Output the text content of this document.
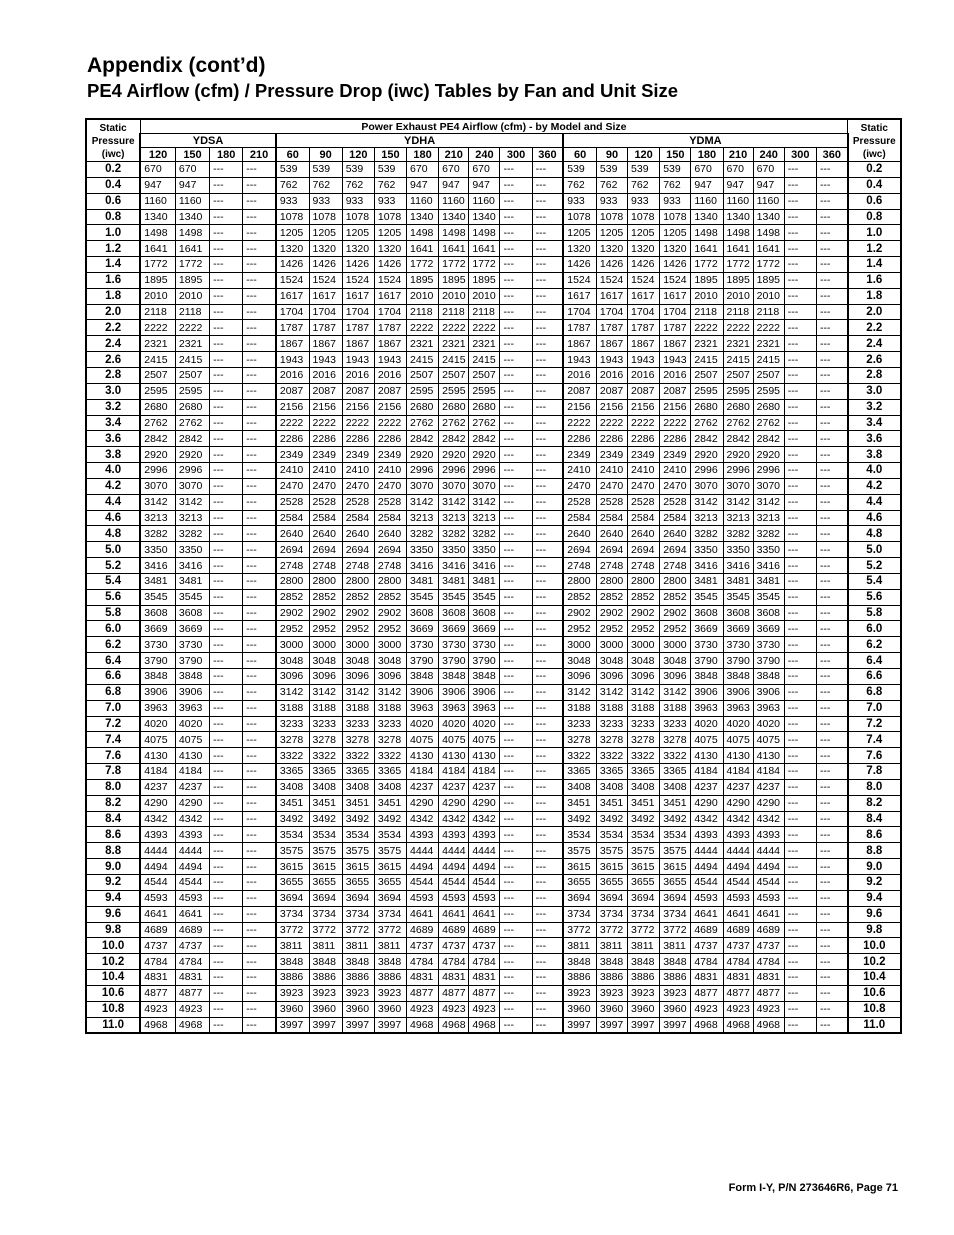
Appendix (cont’d)
PE4 Airflow (cfm) / Pressure Drop (iwc) Tables by Fan and Unit Size
Static
Pressure
(iwc)	Power Exhaust PE4 Airflow (cfm) - by Model and Size																						Static
Pressure
(iwc)
	YDSA				YDHA									YDMA									
	120	150	180	210	60	90	120	150	180	210	240	300	360	60	90	120	150	180	210	240	300	360	
0.2	670	670	---	---	539	539	539	539	670	670	670	---	---	539	539	539	539	670	670	670	---	---	0.2
0.4	947	947	---	---	762	762	762	762	947	947	947	---	---	762	762	762	762	947	947	947	---	---	0.4
0.6	1160	1160	---	---	933	933	933	933	1160	1160	1160	---	---	933	933	933	933	1160	1160	1160	---	---	0.6
0.8	1340	1340	---	---	1078	1078	1078	1078	1340	1340	1340	---	---	1078	1078	1078	1078	1340	1340	1340	---	---	0.8
1.0	1498	1498	---	---	1205	1205	1205	1205	1498	1498	1498	---	---	1205	1205	1205	1205	1498	1498	1498	---	---	1.0
1.2	1641	1641	---	---	1320	1320	1320	1320	1641	1641	1641	---	---	1320	1320	1320	1320	1641	1641	1641	---	---	1.2
1.4	1772	1772	---	---	1426	1426	1426	1426	1772	1772	1772	---	---	1426	1426	1426	1426	1772	1772	1772	---	---	1.4
1.6	1895	1895	---	---	1524	1524	1524	1524	1895	1895	1895	---	---	1524	1524	1524	1524	1895	1895	1895	---	---	1.6
1.8	2010	2010	---	---	1617	1617	1617	1617	2010	2010	2010	---	---	1617	1617	1617	1617	2010	2010	2010	---	---	1.8
2.0	2118	2118	---	---	1704	1704	1704	1704	2118	2118	2118	---	---	1704	1704	1704	1704	2118	2118	2118	---	---	2.0
2.2	2222	2222	---	---	1787	1787	1787	1787	2222	2222	2222	---	---	1787	1787	1787	1787	2222	2222	2222	---	---	2.2
2.4	2321	2321	---	---	1867	1867	1867	1867	2321	2321	2321	---	---	1867	1867	1867	1867	2321	2321	2321	---	---	2.4
2.6	2415	2415	---	---	1943	1943	1943	1943	2415	2415	2415	---	---	1943	1943	1943	1943	2415	2415	2415	---	---	2.6
2.8	2507	2507	---	---	2016	2016	2016	2016	2507	2507	2507	---	---	2016	2016	2016	2016	2507	2507	2507	---	---	2.8
3.0	2595	2595	---	---	2087	2087	2087	2087	2595	2595	2595	---	---	2087	2087	2087	2087	2595	2595	2595	---	---	3.0
3.2	2680	2680	---	---	2156	2156	2156	2156	2680	2680	2680	---	---	2156	2156	2156	2156	2680	2680	2680	---	---	3.2
3.4	2762	2762	---	---	2222	2222	2222	2222	2762	2762	2762	---	---	2222	2222	2222	2222	2762	2762	2762	---	---	3.4
3.6	2842	2842	---	---	2286	2286	2286	2286	2842	2842	2842	---	---	2286	2286	2286	2286	2842	2842	2842	---	---	3.6
3.8	2920	2920	---	---	2349	2349	2349	2349	2920	2920	2920	---	---	2349	2349	2349	2349	2920	2920	2920	---	---	3.8
4.0	2996	2996	---	---	2410	2410	2410	2410	2996	2996	2996	---	---	2410	2410	2410	2410	2996	2996	2996	---	---	4.0
4.2	3070	3070	---	---	2470	2470	2470	2470	3070	3070	3070	---	---	2470	2470	2470	2470	3070	3070	3070	---	---	4.2
4.4	3142	3142	---	---	2528	2528	2528	2528	3142	3142	3142	---	---	2528	2528	2528	2528	3142	3142	3142	---	---	4.4
4.6	3213	3213	---	---	2584	2584	2584	2584	3213	3213	3213	---	---	2584	2584	2584	2584	3213	3213	3213	---	---	4.6
4.8	3282	3282	---	---	2640	2640	2640	2640	3282	3282	3282	---	---	2640	2640	2640	2640	3282	3282	3282	---	---	4.8
5.0	3350	3350	---	---	2694	2694	2694	2694	3350	3350	3350	---	---	2694	2694	2694	2694	3350	3350	3350	---	---	5.0
5.2	3416	3416	---	---	2748	2748	2748	2748	3416	3416	3416	---	---	2748	2748	2748	2748	3416	3416	3416	---	---	5.2
5.4	3481	3481	---	---	2800	2800	2800	2800	3481	3481	3481	---	---	2800	2800	2800	2800	3481	3481	3481	---	---	5.4
5.6	3545	3545	---	---	2852	2852	2852	2852	3545	3545	3545	---	---	2852	2852	2852	2852	3545	3545	3545	---	---	5.6
5.8	3608	3608	---	---	2902	2902	2902	2902	3608	3608	3608	---	---	2902	2902	2902	2902	3608	3608	3608	---	---	5.8
6.0	3669	3669	---	---	2952	2952	2952	2952	3669	3669	3669	---	---	2952	2952	2952	2952	3669	3669	3669	---	---	6.0
6.2	3730	3730	---	---	3000	3000	3000	3000	3730	3730	3730	---	---	3000	3000	3000	3000	3730	3730	3730	---	---	6.2
6.4	3790	3790	---	---	3048	3048	3048	3048	3790	3790	3790	---	---	3048	3048	3048	3048	3790	3790	3790	---	---	6.4
6.6	3848	3848	---	---	3096	3096	3096	3096	3848	3848	3848	---	---	3096	3096	3096	3096	3848	3848	3848	---	---	6.6
6.8	3906	3906	---	---	3142	3142	3142	3142	3906	3906	3906	---	---	3142	3142	3142	3142	3906	3906	3906	---	---	6.8
7.0	3963	3963	---	---	3188	3188	3188	3188	3963	3963	3963	---	---	3188	3188	3188	3188	3963	3963	3963	---	---	7.0
7.2	4020	4020	---	---	3233	3233	3233	3233	4020	4020	4020	---	---	3233	3233	3233	3233	4020	4020	4020	---	---	7.2
7.4	4075	4075	---	---	3278	3278	3278	3278	4075	4075	4075	---	---	3278	3278	3278	3278	4075	4075	4075	---	---	7.4
7.6	4130	4130	---	---	3322	3322	3322	3322	4130	4130	4130	---	---	3322	3322	3322	3322	4130	4130	4130	---	---	7.6
7.8	4184	4184	---	---	3365	3365	3365	3365	4184	4184	4184	---	---	3365	3365	3365	3365	4184	4184	4184	---	---	7.8
8.0	4237	4237	---	---	3408	3408	3408	3408	4237	4237	4237	---	---	3408	3408	3408	3408	4237	4237	4237	---	---	8.0
8.2	4290	4290	---	---	3451	3451	3451	3451	4290	4290	4290	---	---	3451	3451	3451	3451	4290	4290	4290	---	---	8.2
8.4	4342	4342	---	---	3492	3492	3492	3492	4342	4342	4342	---	---	3492	3492	3492	3492	4342	4342	4342	---	---	8.4
8.6	4393	4393	---	---	3534	3534	3534	3534	4393	4393	4393	---	---	3534	3534	3534	3534	4393	4393	4393	---	---	8.6
8.8	4444	4444	---	---	3575	3575	3575	3575	4444	4444	4444	---	---	3575	3575	3575	3575	4444	4444	4444	---	---	8.8
9.0	4494	4494	---	---	3615	3615	3615	3615	4494	4494	4494	---	---	3615	3615	3615	3615	4494	4494	4494	---	---	9.0
9.2	4544	4544	---	---	3655	3655	3655	3655	4544	4544	4544	---	---	3655	3655	3655	3655	4544	4544	4544	---	---	9.2
9.4	4593	4593	---	---	3694	3694	3694	3694	4593	4593	4593	---	---	3694	3694	3694	3694	4593	4593	4593	---	---	9.4
9.6	4641	4641	---	---	3734	3734	3734	3734	4641	4641	4641	---	---	3734	3734	3734	3734	4641	4641	4641	---	---	9.6
9.8	4689	4689	---	---	3772	3772	3772	3772	4689	4689	4689	---	---	3772	3772	3772	3772	4689	4689	4689	---	---	9.8
10.0	4737	4737	---	---	3811	3811	3811	3811	4737	4737	4737	---	---	3811	3811	3811	3811	4737	4737	4737	---	---	10.0
10.2	4784	4784	---	---	3848	3848	3848	3848	4784	4784	4784	---	---	3848	3848	3848	3848	4784	4784	4784	---	---	10.2
10.4	4831	4831	---	---	3886	3886	3886	3886	4831	4831	4831	---	---	3886	3886	3886	3886	4831	4831	4831	---	---	10.4
10.6	4877	4877	---	---	3923	3923	3923	3923	4877	4877	4877	---	---	3923	3923	3923	3923	4877	4877	4877	---	---	10.6
10.8	4923	4923	---	---	3960	3960	3960	3960	4923	4923	4923	---	---	3960	3960	3960	3960	4923	4923	4923	---	---	10.8
11.0	4968	4968	---	---	3997	3997	3997	3997	4968	4968	4968	---	---	3997	3997	3997	3997	4968	4968	4968	---	---	11.0
Form I-Y, P/N 273646R6, Page 71
